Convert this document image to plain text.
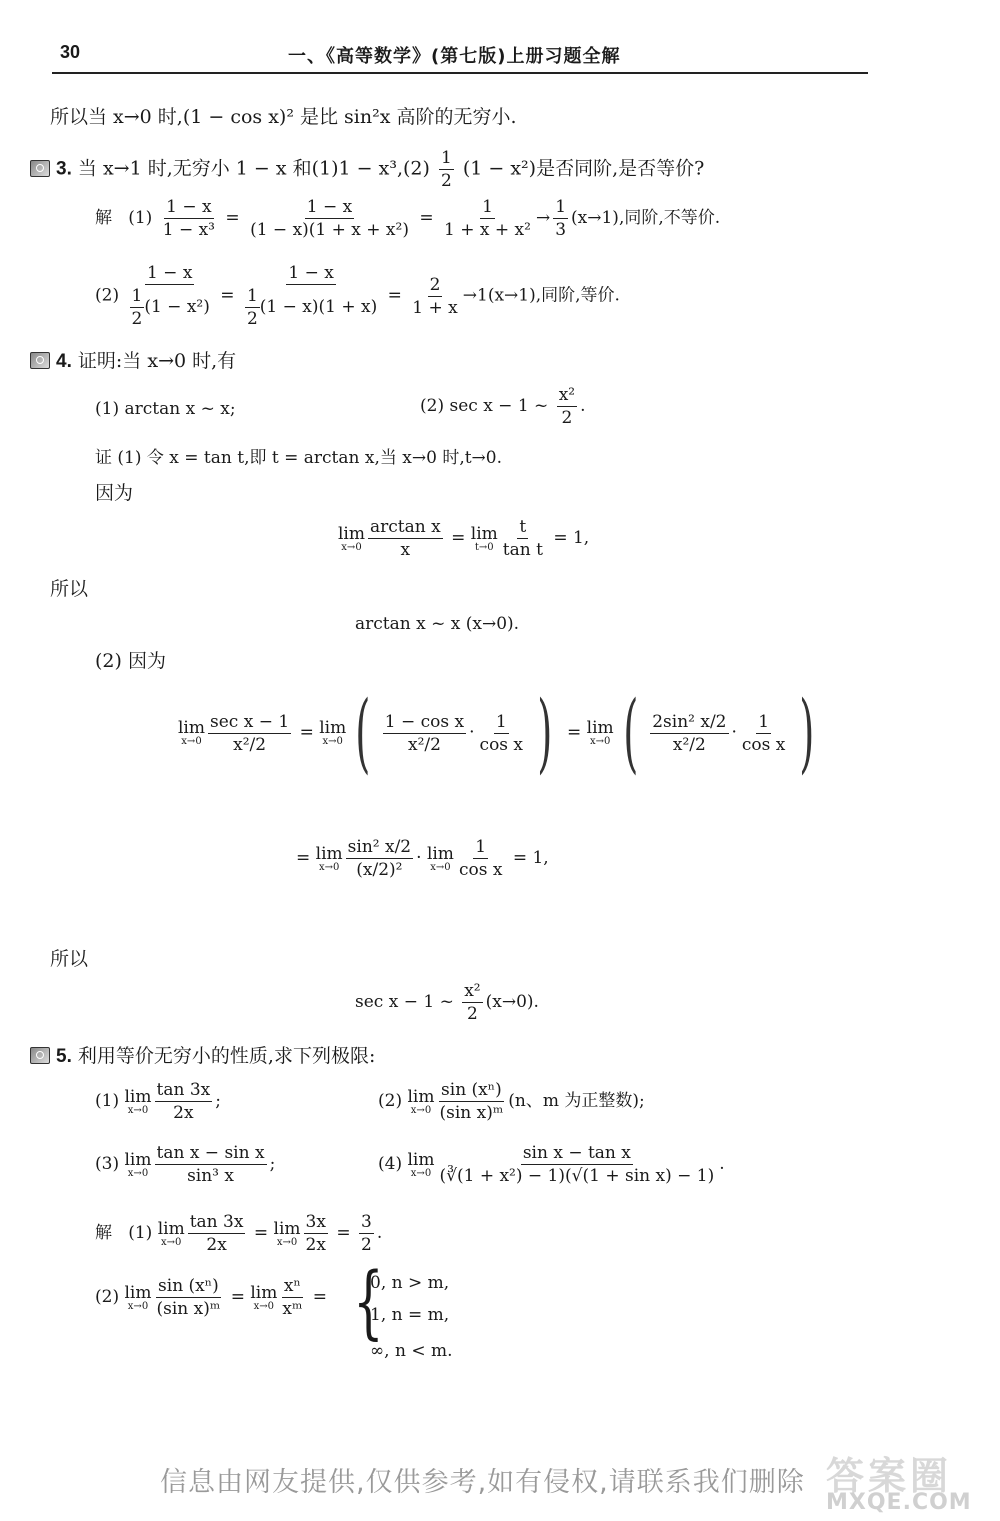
30	一、《高等数学》(第七版)上册习题全解
所以当 x→0 时,(1 − cos x)² 是比 sin²x 高阶的无穷小.
3. 当 x→1 时,无穷小 1 − x 和$(1)1 - x^3,(2) \frac{1}{2} (1 - x^2)$是否同阶,是否等价?
解 $(1) \frac{1 - x}{\text{1 − x³}} = \frac{1 - x}{\text{(1 − x)(1 + x + x²)}} = \frac{1}{\text{1 + x + x²}} \to \frac{1}{3} (x\to 1)$,同阶,不等价.
$(2) \frac{1 - x}{\frac{1}{2} (1 - x^2)} = \frac{1 - x}{\frac{1}{2} (1 - x)(1 + x)} = \frac{2}{1 + x} \to 1(x\to 1)$,同阶,等价.
4. 证明:当 x→0 时,有
(1) arctan x ~ x;	(2) sec x − 1 ~ $\frac{\text{x²}}{2}$ .
证 (1) 令 x = tan t,即 t = arctan x,当 x→0 时,t→0.
因为
lim
$x\to 0 \frac{\text{arctan x}}{x} = \lim$
$t\to 0 \frac{t}{\text{tan t}} = 1$,
所以
arctan x ~ x (x→0).
(2) 因为
lim
$x\to 0 \frac{\text{sec x − 1}}{\text{x²/2}} = \lim$
x→0 ( $\frac{\text{1 − cos x}}{\text{x²/2}} \cdot \frac{1}{\text{cos x}}$ ) = lim
x→0 ( $\frac{\text{2sin² x/2}}{\text{x²/2}} \cdot \frac{1}{\text{cos x}}$ )
= lim
$x\to 0 \frac{\text{sin² x/2}}{\text{(x/2)²}} \cdot \lim$
$x\to 0 \frac{1}{\text{cos x}} = 1$,
所以
sec x − 1 ~ $\frac{\text{x²}}{2} (x\to 0)$.
5. 利用等价无穷小的性质,求下列极限:
(1) lim
$x\to 0 \frac{\tan 3x}{2x}$ ;	(2) lim
$x\to 0 \frac{\text{sin (xⁿ)}}{\text{(sin x)ᵐ}} (n$、m 为正整数);
(3) lim
$x\to 0 \frac{\text{tan x − sin x}}{\text{sin³ x}}$ ;	(4) lim
$x\to 0 \frac{\text{sin x − tan x}}{\text{(∛(1 + x²) − 1)(√(1 + sin x) − 1)}}$ .
解 (1) lim
$x\to 0 \frac{\tan 3x}{2x} = \lim$
$x\to 0 \frac{3x}{2x} = \frac{3}{2}$ .
(2) lim
$x\to 0 \frac{\text{sin (xⁿ)}}{\text{(sin x)ᵐ}} = \lim$
$x\to 0 \frac{\text{xⁿ}}{\text{xᵐ}}$ = {
0, n > m,
1, n = m,
∞, n < m.
信息由网友提供,仅供参考,如有侵权,请联系我们删除 答案圈
MXQE.COM
